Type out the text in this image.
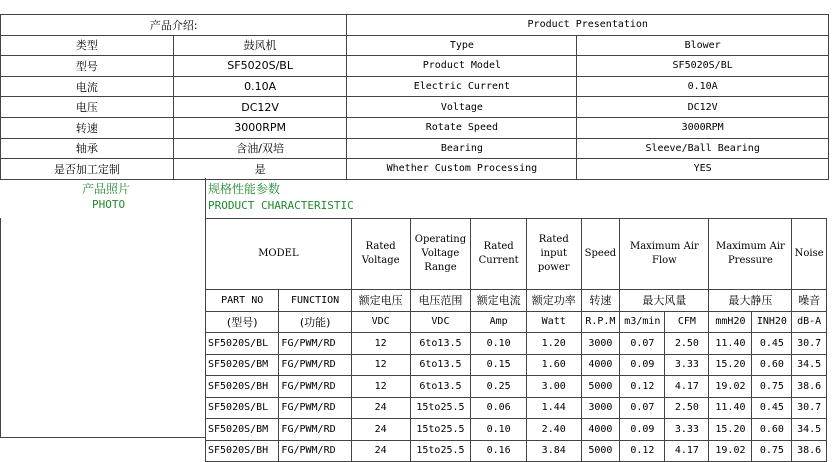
产品介绍:		Product Presentation	
类型	鼓风机	Type	Blower
型号	SF5020S/BL	Product Model	SF5020S/BL
电流	0.10A	Electric Current	0.10A
电压	DC12V	Voltage	DC12V
转速	3000RPM	Rotate Speed	3000RPM
轴承	含油/双培	Bearing	Sleeve/Ball Bearing
是否加工定制	是	Whether Custom Processing	YES
产品照片
PHOTO
规格性能参数
PRODUCT CHARACTERISTIC
MODEL		Rated Voltage	Operating Voltage Range	Rated Current	Rated input power	Speed	Maximum Air Flow		Maximum Air Pressure		Noise
PART NO	FUNCTION	额定电压	电压范围	额定电流	额定功率	转速	最大风量		最大静压		噪音
(型号)	(功能)	VDC	VDC	Amp	Watt	R.P.M	m3/min	CFM	mmH20	INH20	dB-A
SF5020S/BL	FG/PWM/RD	12	6to13.5	0.10	1.20	3000	0.07	2.50	11.40	0.45	30.7
SF5020S/BM	FG/PWM/RD	12	6to13.5	0.15	1.60	4000	0.09	3.33	15.20	0.60	34.5
SF5020S/BH	FG/PWM/RD	12	6to13.5	0.25	3.00	5000	0.12	4.17	19.02	0.75	38.6
SF5020S/BL	FG/PWM/RD	24	15to25.5	0.06	1.44	3000	0.07	2.50	11.40	0.45	30.7
SF5020S/BM	FG/PWM/RD	24	15to25.5	0.10	2.40	4000	0.09	3.33	15.20	0.60	34.5
SF5020S/BH	FG/PWM/RD	24	15to25.5	0.16	3.84	5000	0.12	4.17	19.02	0.75	38.6
